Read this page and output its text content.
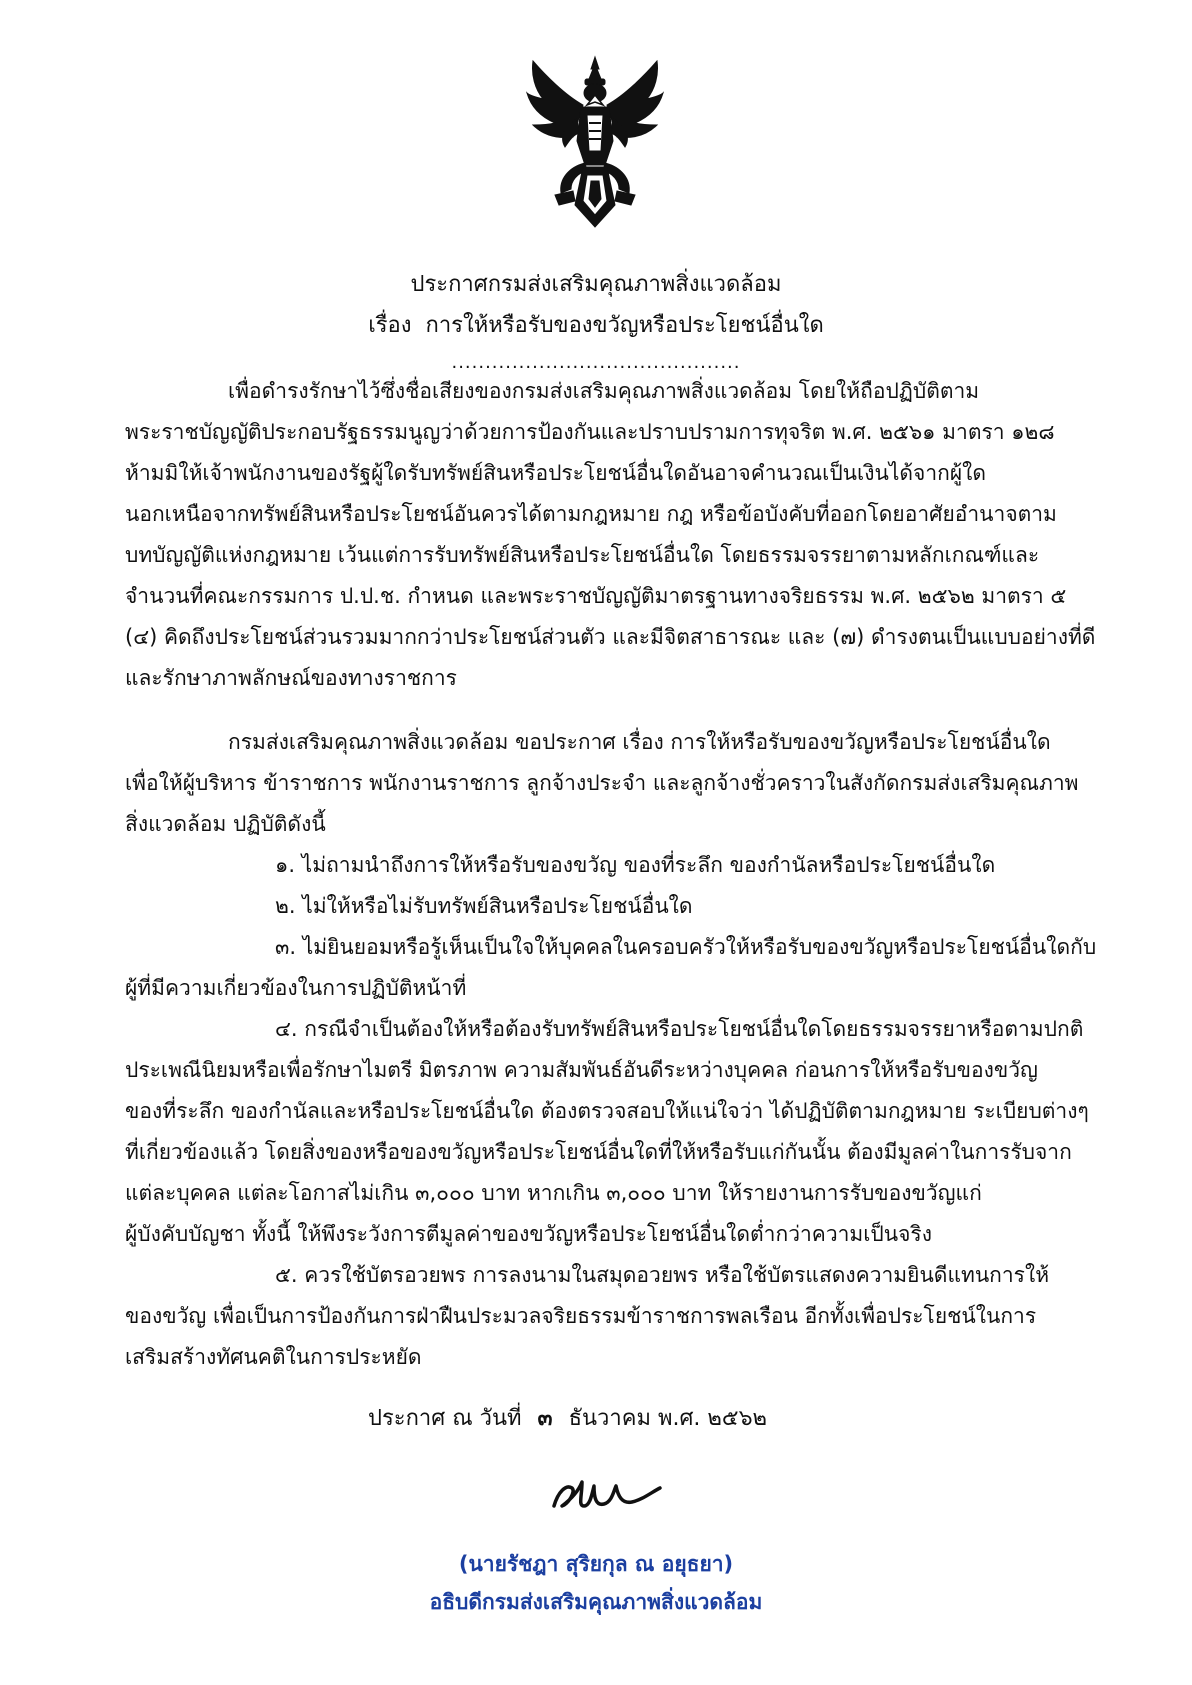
ประกาศกรมส่งเสริมคุณภาพสิ่งแวดล้อม
เรื่อง การให้หรือรับของขวัญหรือประโยชน์อื่นใด
...........................................
เพื่อดำรงรักษาไว้ซึ่งชื่อเสียงของกรมส่งเสริมคุณภาพสิ่งแวดล้อม โดยให้ถือปฏิบัติตาม
พระราชบัญญัติประกอบรัฐธรรมนูญว่าด้วยการป้องกันและปราบปรามการทุจริต พ.ศ. ๒๕๖๑ มาตรา ๑๒๘
ห้ามมิให้เจ้าพนักงานของรัฐผู้ใดรับทรัพย์สินหรือประโยชน์อื่นใดอันอาจคำนวณเป็นเงินได้จากผู้ใด
นอกเหนือจากทรัพย์สินหรือประโยชน์อันควรได้ตามกฎหมาย กฎ หรือข้อบังคับที่ออกโดยอาศัยอำนาจตาม
บทบัญญัติแห่งกฎหมาย เว้นแต่การรับทรัพย์สินหรือประโยชน์อื่นใด โดยธรรมจรรยาตามหลักเกณฑ์และ
จำนวนที่คณะกรรมการ ป.ป.ช. กำหนด และพระราชบัญญัติมาตรฐานทางจริยธรรม พ.ศ. ๒๕๖๒ มาตรา ๕
(๔) คิดถึงประโยชน์ส่วนรวมมากกว่าประโยชน์ส่วนตัว และมีจิตสาธารณะ และ (๗) ดำรงตนเป็นแบบอย่างที่ดี
และรักษาภาพลักษณ์ของทางราชการ
กรมส่งเสริมคุณภาพสิ่งแวดล้อม ขอประกาศ เรื่อง การให้หรือรับของขวัญหรือประโยชน์อื่นใด
เพื่อให้ผู้บริหาร ข้าราชการ พนักงานราชการ ลูกจ้างประจำ และลูกจ้างชั่วคราวในสังกัดกรมส่งเสริมคุณภาพ
สิ่งแวดล้อม ปฏิบัติดังนี้
๑. ไม่ถามนำถึงการให้หรือรับของขวัญ ของที่ระลึก ของกำนัลหรือประโยชน์อื่นใด
๒. ไม่ให้หรือไม่รับทรัพย์สินหรือประโยชน์อื่นใด
๓. ไม่ยินยอมหรือรู้เห็นเป็นใจให้บุคคลในครอบครัวให้หรือรับของขวัญหรือประโยชน์อื่นใดกับ
ผู้ที่มีความเกี่ยวข้องในการปฏิบัติหน้าที่
๔. กรณีจำเป็นต้องให้หรือต้องรับทรัพย์สินหรือประโยชน์อื่นใดโดยธรรมจรรยาหรือตามปกติ
ประเพณีนิยมหรือเพื่อรักษาไมตรี มิตรภาพ ความสัมพันธ์อันดีระหว่างบุคคล ก่อนการให้หรือรับของขวัญ
ของที่ระลึก ของกำนัลและหรือประโยชน์อื่นใด ต้องตรวจสอบให้แน่ใจว่า ได้ปฏิบัติตามกฎหมาย ระเบียบต่างๆ
ที่เกี่ยวข้องแล้ว โดยสิ่งของหรือของขวัญหรือประโยชน์อื่นใดที่ให้หรือรับแก่กันนั้น ต้องมีมูลค่าในการรับจาก
แต่ละบุคคล แต่ละโอกาสไม่เกิน ๓,๐๐๐ บาท หากเกิน ๓,๐๐๐ บาท ให้รายงานการรับของขวัญแก่
ผู้บังคับบัญชา ทั้งนี้ ให้พึงระวังการตีมูลค่าของขวัญหรือประโยชน์อื่นใดต่ำกว่าความเป็นจริง
๕. ควรใช้บัตรอวยพร การลงนามในสมุดอวยพร หรือใช้บัตรแสดงความยินดีแทนการให้
ของขวัญ เพื่อเป็นการป้องกันการฝ่าฝืนประมวลจริยธรรมข้าราชการพลเรือน อีกทั้งเพื่อประโยชน์ในการ
เสริมสร้างทัศนคติในการประหยัด
ประกาศ ณ วันที่ ๓ ธันวาคม พ.ศ. ๒๕๖๒
(นายรัชฎา สุริยกุล ณ อยุธยา)
อธิบดีกรมส่งเสริมคุณภาพสิ่งแวดล้อม
